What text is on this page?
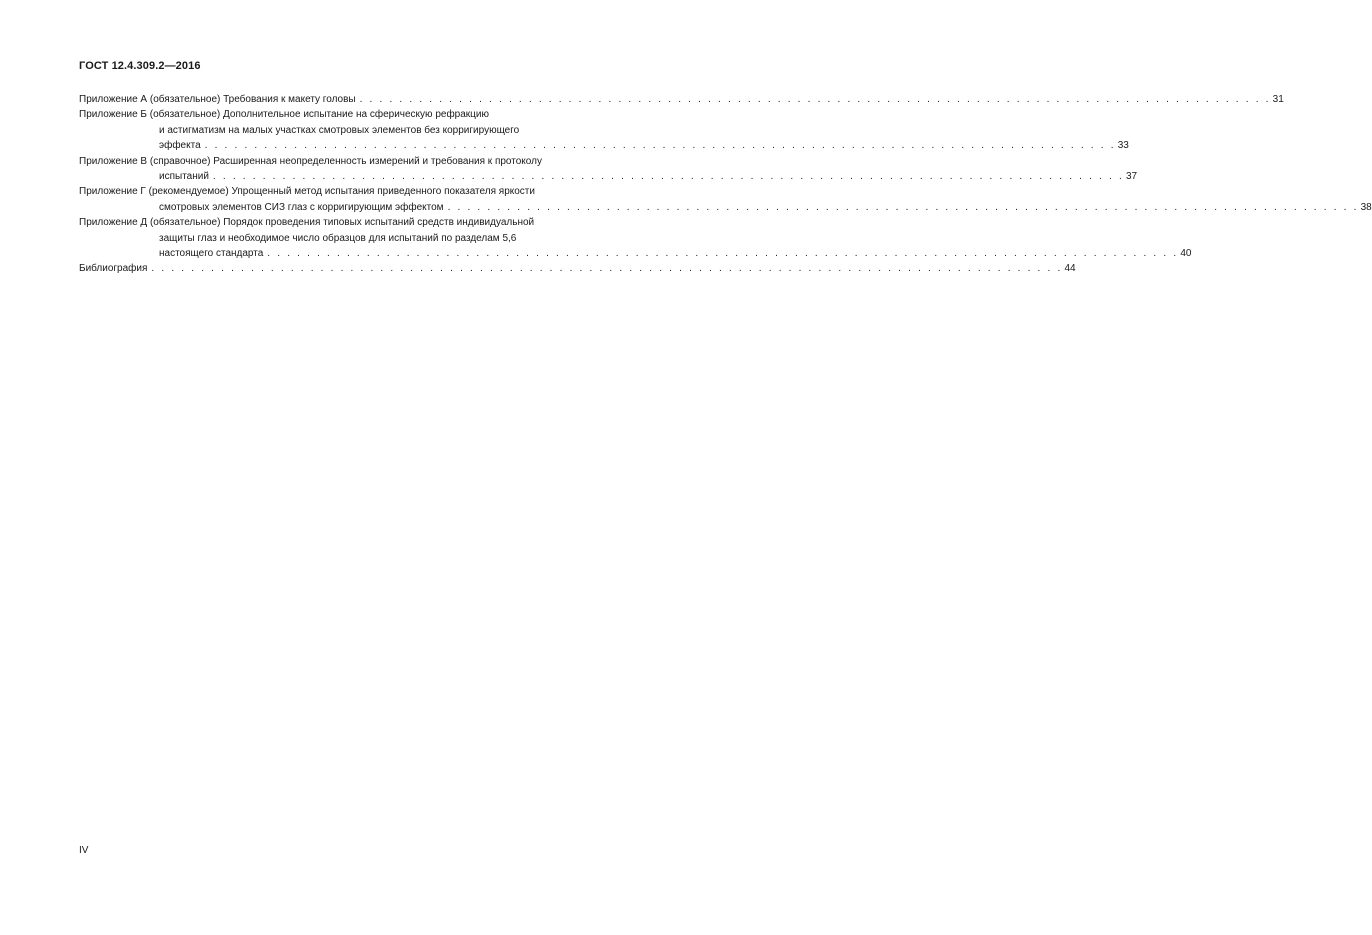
ГОСТ 12.4.309.2—2016
Приложение А (обязательное) Требования к макету головы . . .	31
Приложение Б (обязательное) Дополнительное испытание на сферическую рефракцию
и астигматизм на малых участках смотровых элементов без корригирующего
эффекта . . .	33
Приложение В (справочное) Расширенная неопределенность измерений и требования к протоколу
испытаний . . .	37
Приложение Г (рекомендуемое) Упрощенный метод испытания приведенного показателя яркости
смотровых элементов СИЗ глаз с корригирующим эффектом . . .	38
Приложение Д (обязательное) Порядок проведения типовых испытаний средств индивидуальной
защиты глаз и необходимое число образцов для испытаний по разделам 5,6
настоящего стандарта . . .	40
Библиография . . .	44
IV
